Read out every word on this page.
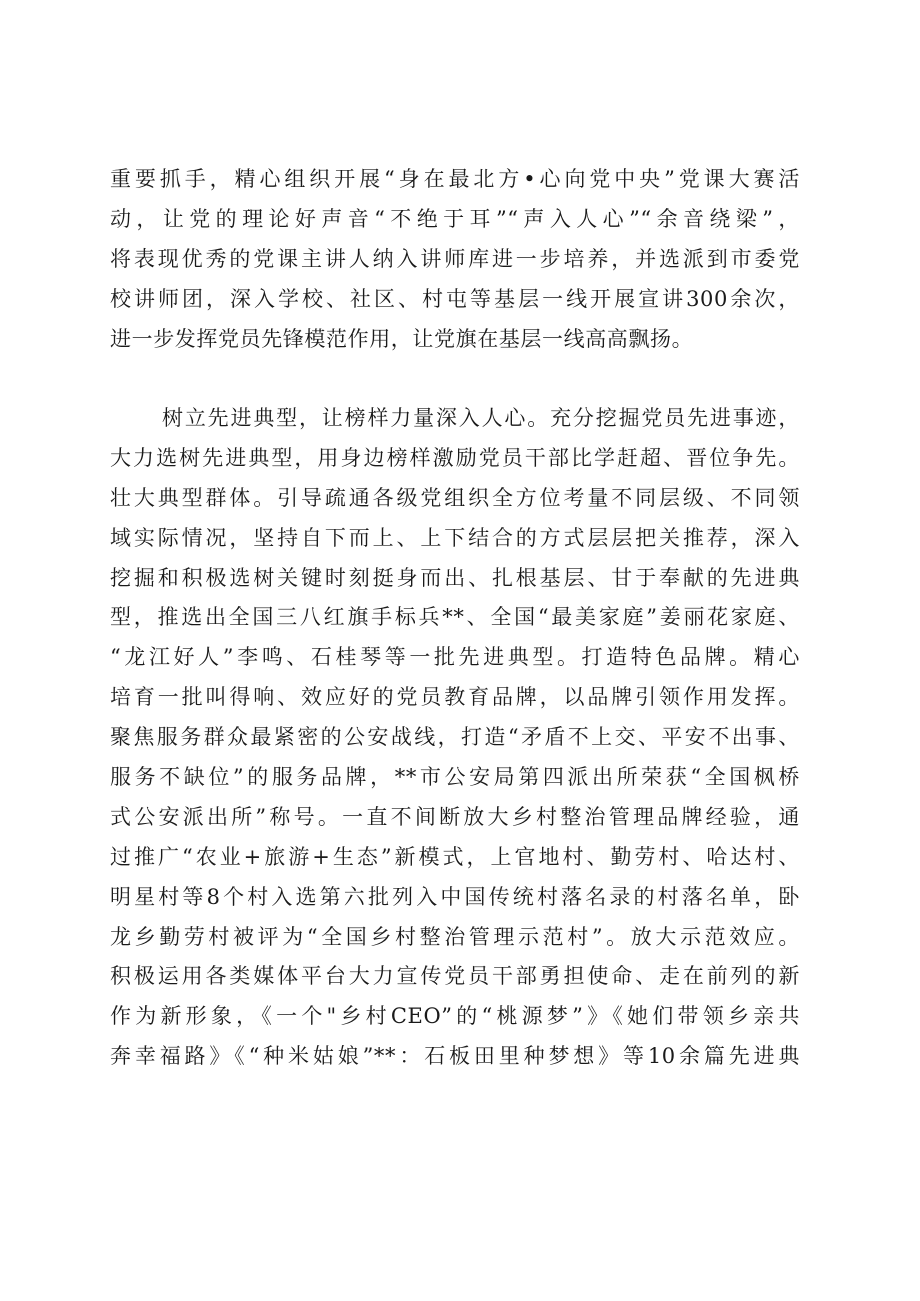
重要抓手，精心组织开展“身在最北方•心向党中央”党课大赛活
动，让党的理论好声音“不绝于耳”“声入人心”“余音绕梁”，
将表现优秀的党课主讲人纳入讲师库进一步培养，并选派到市委党
校讲师团，深入学校、社区、村屯等基层一线开展宣讲300余次，
进一步发挥党员先锋模范作用，让党旗在基层一线高高飘扬。
树立先进典型，让榜样力量深入人心。充分挖掘党员先进事迹，
大力选树先进典型，用身边榜样激励党员干部比学赶超、晋位争先。
壮大典型群体。引导疏通各级党组织全方位考量不同层级、不同领
域实际情况，坚持自下而上、上下结合的方式层层把关推荐，深入
挖掘和积极选树关键时刻挺身而出、扎根基层、甘于奉献的先进典
型，推选出全国三八红旗手标兵**、全国“最美家庭”姜丽花家庭、
“龙江好人”李鸣、石桂琴等一批先进典型。打造特色品牌。精心
培育一批叫得响、效应好的党员教育品牌，以品牌引领作用发挥。
聚焦服务群众最紧密的公安战线，打造“矛盾不上交、平安不出事、
服务不缺位”的服务品牌，**市公安局第四派出所荣获“全国枫桥
式公安派出所”称号。一直不间断放大乡村整治管理品牌经验，通
过推广“农业+旅游+生态”新模式，上官地村、勤劳村、哈达村、
明星村等8个村入选第六批列入中国传统村落名录的村落名单，卧
龙乡勤劳村被评为“全国乡村整治管理示范村”。放大示范效应。
积极运用各类媒体平台大力宣传党员干部勇担使命、走在前列的新
作为新形象，《一个"乡村CEO”的“桃源梦”》《她们带领乡亲共
奔幸福路》《“种米姑娘”**：石板田里种梦想》等10余篇先进典
